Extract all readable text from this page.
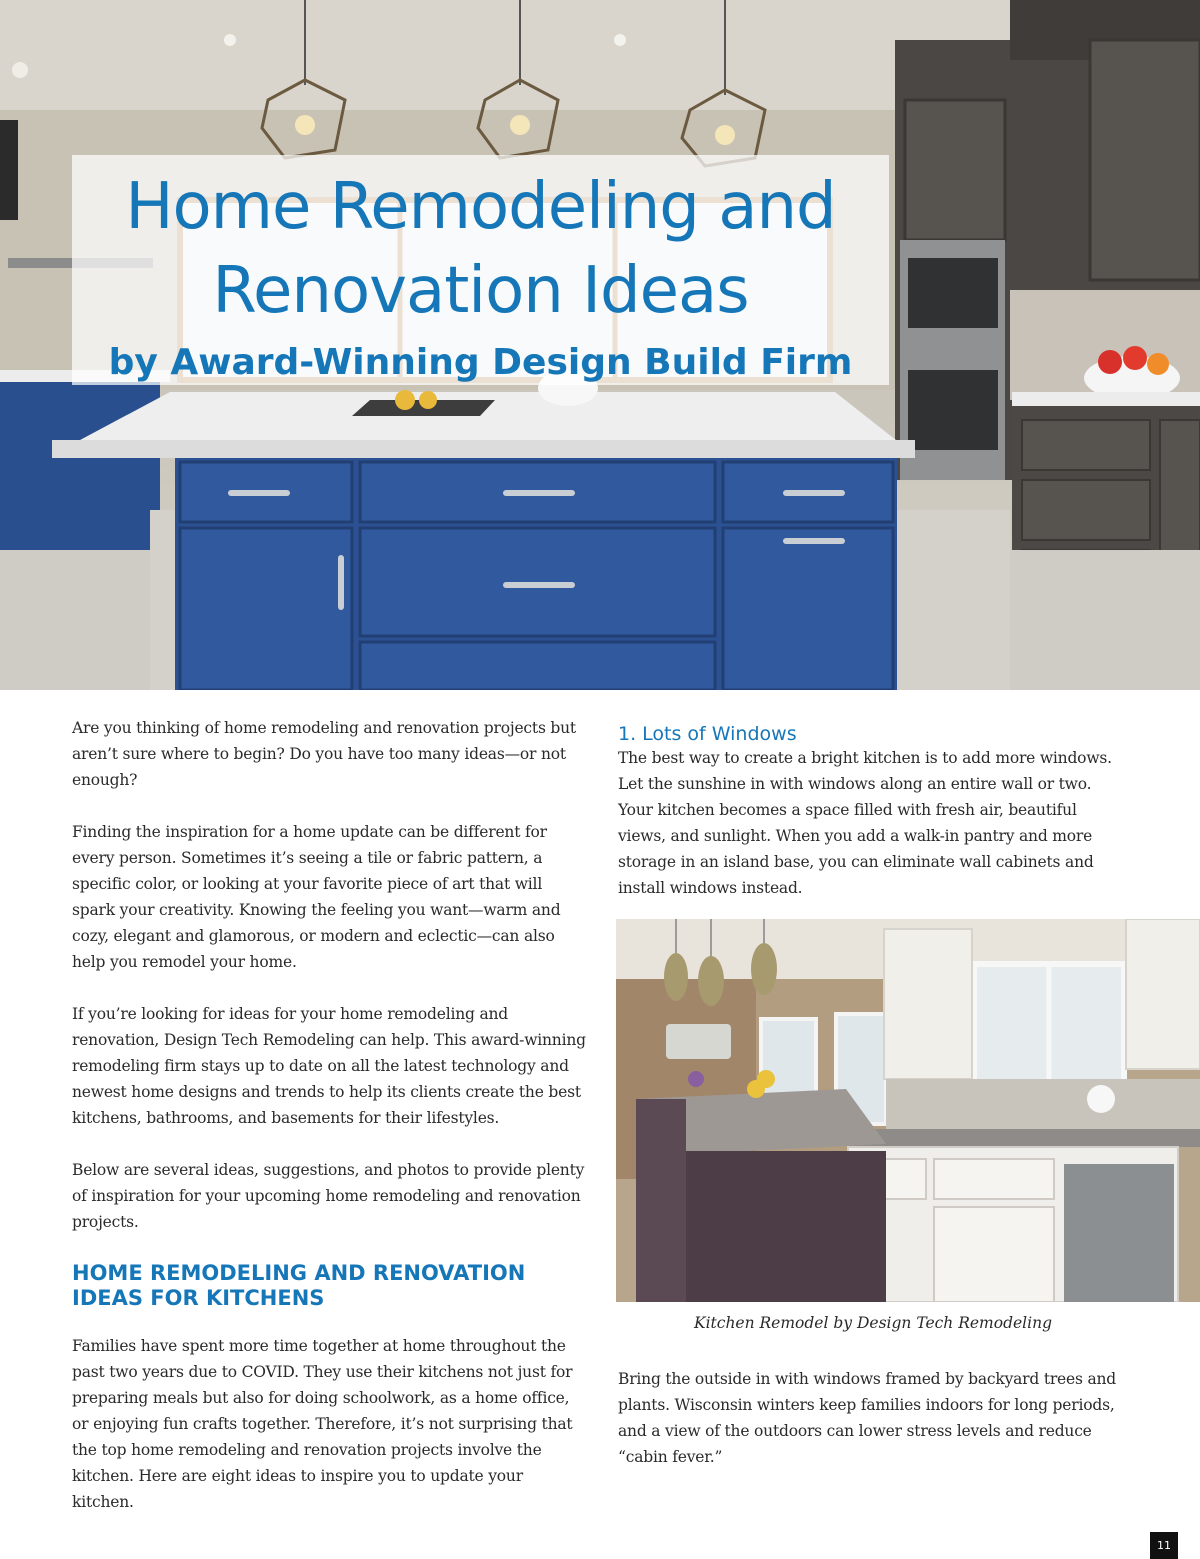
Home Remodeling and
Renovation Ideas
by Award-Winning Design Build Firm

Are you thinking of home remodeling and renovation projects but aren’t sure where to begin? Do you have too many ideas—or not enough?

Finding the inspiration for a home update can be different for every person. Sometimes it’s seeing a tile or fabric pattern, a specific color, or looking at your favorite piece of art that will spark your creativity. Knowing the feeling you want—warm and cozy, elegant and glamorous, or modern and eclectic—can also help you remodel your home.

If you’re looking for ideas for your home remodeling and renovation, Design Tech Remodeling can help. This award-winning remodeling firm stays up to date on all the latest technology and newest home designs and trends to help its clients create the best kitchens, bathrooms, and basements for their lifestyles.

Below are several ideas, suggestions, and photos to provide plenty of inspiration for your upcoming home remodeling and renovation projects.

HOME REMODELING AND RENOVATION IDEAS FOR KITCHENS

Families have spent more time together at home throughout the past two years due to COVID. They use their kitchens not just for preparing meals but also for doing schoolwork, as a home office, or enjoying fun crafts together. Therefore, it’s not surprising that the top home remodeling and renovation projects involve the kitchen. Here are eight ideas to inspire you to update your kitchen.

1. Lots of Windows

The best way to create a bright kitchen is to add more windows. Let the sunshine in with windows along an entire wall or two. Your kitchen becomes a space filled with fresh air, beautiful views, and sunlight. When you add a walk-in pantry and more storage in an island base, you can eliminate wall cabinets and install windows instead.

Kitchen Remodel by Design Tech Remodeling

Bring the outside in with windows framed by backyard trees and plants. Wisconsin winters keep families indoors for long periods, and a view of the outdoors can lower stress levels and reduce “cabin fever.”

11
